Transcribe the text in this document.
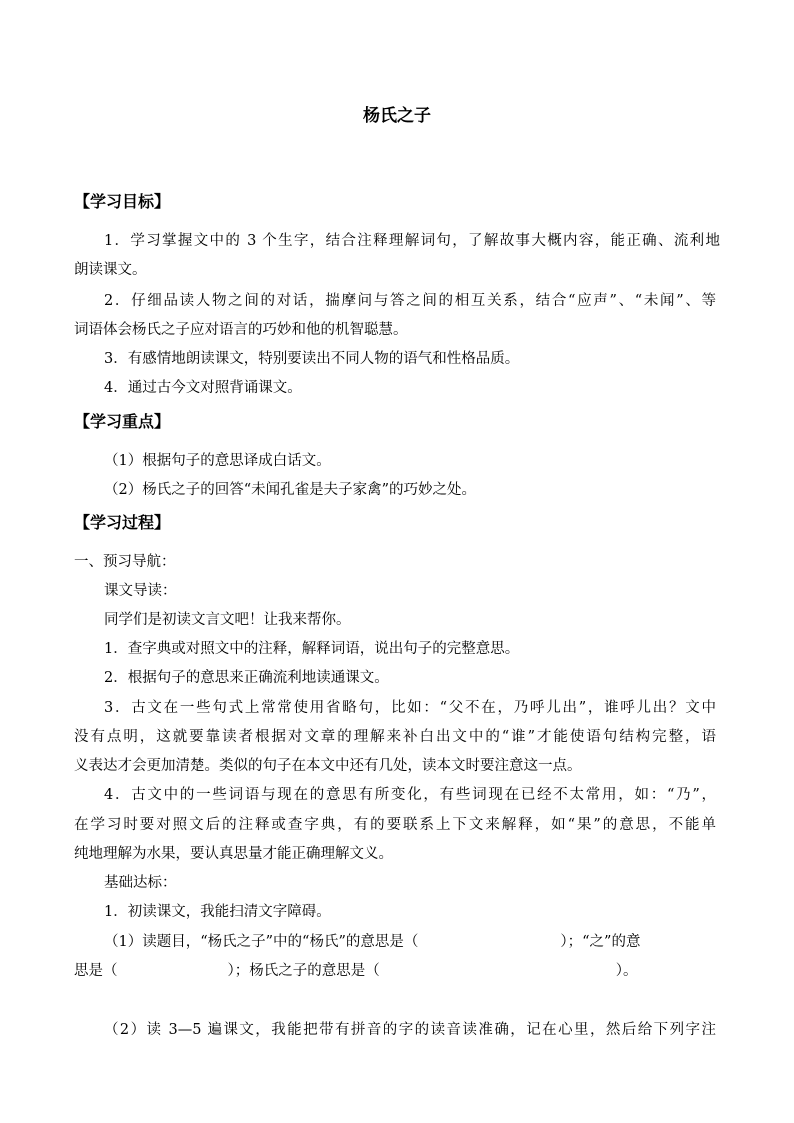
杨氏之子
【学习目标】
1．学习掌握文中的 3 个生字，结合注释理解词句，了解故事大概内容，能正确、流利地
朗读课文。
2．仔细品读人物之间的对话，揣摩问与答之间的相互关系，结合“应声”、“未闻”、等
词语体会杨氏之子应对语言的巧妙和他的机智聪慧。
3．有感情地朗读课文，特别要读出不同人物的语气和性格品质。
4．通过古今文对照背诵课文。
【学习重点】
（1）根据句子的意思译成白话文。
（2）杨氏之子的回答“未闻孔雀是夫子家禽”的巧妙之处。
【学习过程】
一、预习导航：
课文导读：
同学们是初读文言文吧！让我来帮你。
1．查字典或对照文中的注释，解释词语，说出句子的完整意思。
2．根据句子的意思来正确流利地读通课文。
3．古文在一些句式上常常使用省略句，比如：“父不在，乃呼儿出”，谁呼儿出？文中
没有点明，这就要靠读者根据对文章的理解来补白出文中的“谁”才能使语句结构完整，语
义表达才会更加清楚。类似的句子在本文中还有几处，读本文时要注意这一点。
4．古文中的一些词语与现在的意思有所变化，有些词现在已经不太常用，如：“乃”，
在学习时要对照文后的注释或查字典，有的要联系上下文来解释，如“果”的意思，不能单
纯地理解为水果，要认真思量才能正确理解文义。
基础达标：
1．初读课文，我能扫清文字障碍。
（1）读题目，“杨氏之子”中的“杨氏”的意思是（	）；“之”的意
思是（	）；杨氏之子的意思是（	）。
（2）读 3—5 遍课文，我能把带有拼音的字的读音读准确，记在心里，然后给下列字注
